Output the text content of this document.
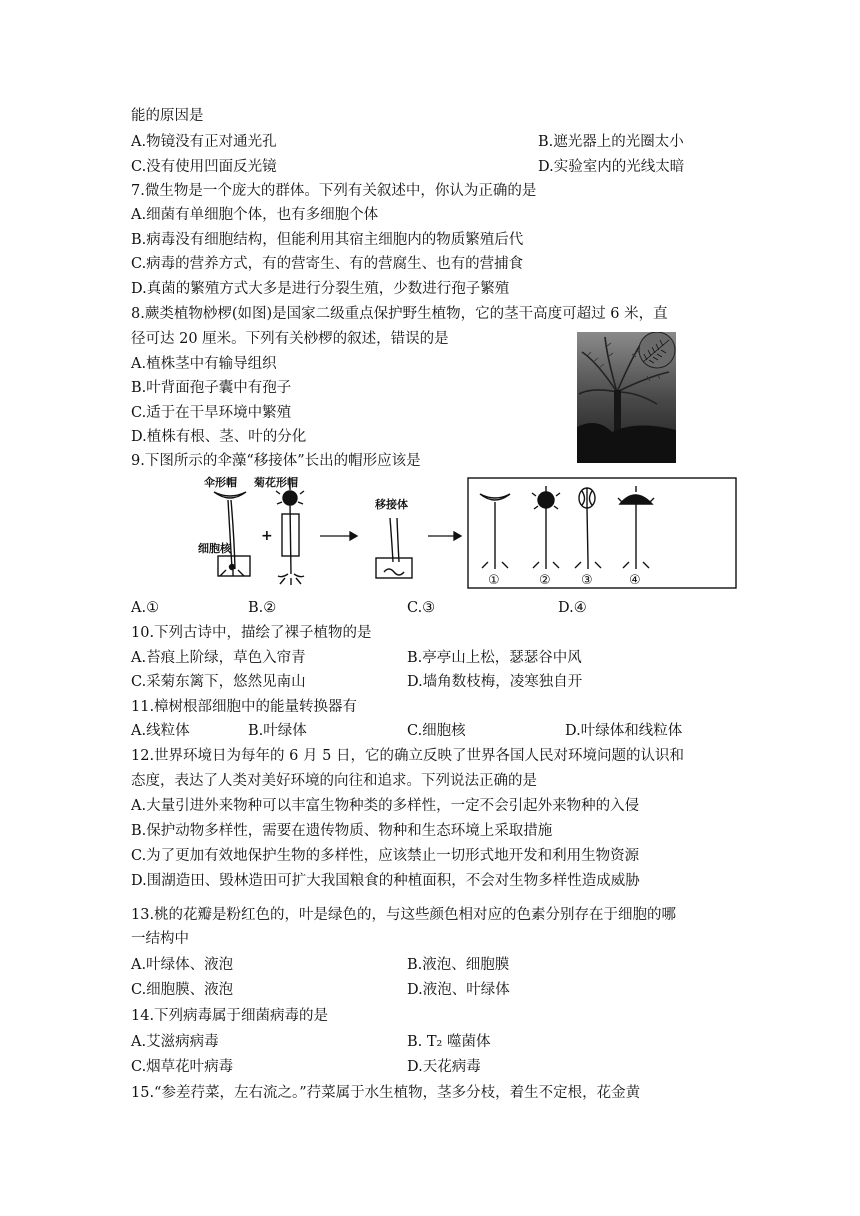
能的原因是
A.物镜没有正对通光孔	B.遮光器上的光圈太小
C.没有使用凹面反光镜	D.实验室内的光线太暗
7.微生物是一个庞大的群体。下列有关叙述中，你认为正确的是
A.细菌有单细胞个体，也有多细胞个体
B.病毒没有细胞结构，但能利用其宿主细胞内的物质繁殖后代
C.病毒的营养方式，有的营寄生、有的营腐生、也有的营捕食
D.真菌的繁殖方式大多是进行分裂生殖，少数进行孢子繁殖
8.蕨类植物桫椤(如图)是国家二级重点保护野生植物，它的茎干高度可超过 6 米，直
径可达 20 厘米。下列有关桫椤的叙述，错误的是
A.植株茎中有输导组织
B.叶背面孢子囊中有孢子
C.适于在干旱环境中繁殖
D.植株有根、茎、叶的分化
9.下图所示的伞藻“移接体”长出的帽形应该是
伞形帽 菊花形帽
细胞核
移接体
+
①	② ③	④
A.①	B.②	C.③	D.④
10.下列古诗中，描绘了裸子植物的是
A.苔痕上阶绿，草色入帘青	B.亭亭山上松，瑟瑟谷中风
C.采菊东篱下，悠然见南山	D.墙角数枝梅，凌寒独自开
11.樟树根部细胞中的能量转换器有
A.线粒体	B.叶绿体	C.细胞核	D.叶绿体和线粒体
12.世界环境日为每年的 6 月 5 日，它的确立反映了世界各国人民对环境问题的认识和
态度，表达了人类对美好环境的向往和追求。下列说法正确的是
A.大量引进外来物种可以丰富生物种类的多样性，一定不会引起外来物种的入侵
B.保护动物多样性，需要在遗传物质、物种和生态环境上采取措施
C.为了更加有效地保护生物的多样性，应该禁止一切形式地开发和利用生物资源
D.围湖造田、毁林造田可扩大我国粮食的种植面积，不会对生物多样性造成威胁
13.桃的花瓣是粉红色的，叶是绿色的，与这些颜色相对应的色素分别存在于细胞的哪
一结构中
A.叶绿体、液泡	B.液泡、细胞膜
C.细胞膜、液泡	D.液泡、叶绿体
14.下列病毒属于细菌病毒的是
A.艾滋病病毒	B. T₂ 噬菌体
C.烟草花叶病毒	D.天花病毒
15.“参差荇菜，左右流之。”荇菜属于水生植物，茎多分枝，着生不定根，花金黄
